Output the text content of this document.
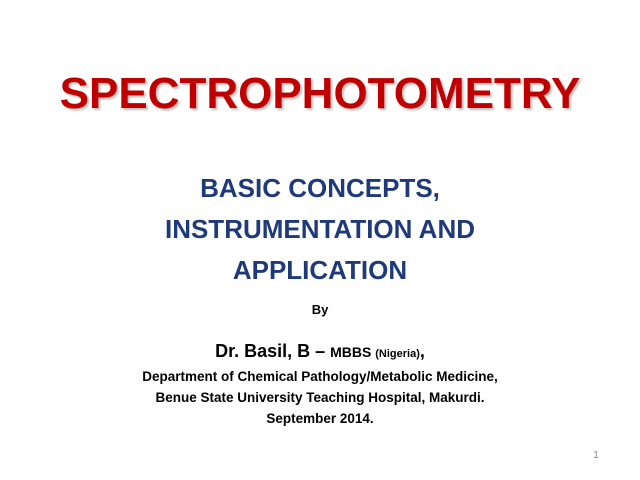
SPECTROPHOTOMETRY
BASIC CONCEPTS,
INSTRUMENTATION AND
APPLICATION
By
Dr. Basil, B – MBBS (Nigeria),
Department of Chemical Pathology/Metabolic Medicine,
Benue State University Teaching Hospital, Makurdi.
September 2014.
1
